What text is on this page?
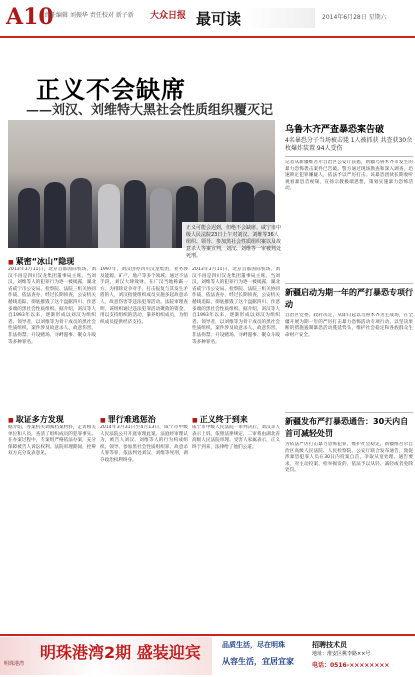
A10
责任编辑 刘振华 责任校对 新子新 大众日报 最可读	2014年6月28日 星期六
正义不会缺席
——刘汉、刘维特大黑社会性质组织覆灭记
正义可能会迟到，但绝不会缺席。咸宁市中级人民法院23日上午对刘汉、刘维等36人组织、领导、参加黑社会性质组织案以及故意杀人等案宣判，刘汉、刘维等一审被判处死刑。
■ 紧密“冰山”隐现
2013年3月11日，北京首都国际机场。刘汉不再是四川汉龙集团董事局主席。当刘汉、刘维等人的犯罪行为逐一被揭露，湖北省咸宁市公安局、检察院、法院三机关协同作战，依法查办，经过长期侦查，公安机关循线追踪，彻底摧毁了这个盘踞四川、作恶多端的黑社会性质组织。据介绍，刘汉等人自1993年以来，逐渐形成以刘汉为组织者、领导者，以刘维等为骨干成员的黑社会性质组织。案件涉及故意杀人、故意伤害、非法拘禁、开设赌场、寻衅滋事、聚众斗殴等多种罪名。
1997年，刘汉创办四川汉龙集团，业务涉及能源、矿产、地产等多个领域。通过不法手段，刘汉大肆敛财，在广汉当地称霸一方。为排除竞争对手，打击报复与其发生矛盾的人，刘汉指使组织成员实施多起故意杀人、故意伤害等违法犯罪活动。法院审理查明，该组织通过违法犯罪活动聚敛的资金，用以支持组织的活动，豢养组织成员，为组织成员提供经济支持。
2013年3月11日，北京首都国际机场。刘汉不再是四川汉龙集团董事局主席。当刘汉、刘维等人的犯罪行为逐一被揭露，湖北省咸宁市公安局、检察院、法院三机关协同作战，依法查办，经过长期侦查，公安机关循线追踪，彻底摧毁了这个盘踞四川、作恶多端的黑社会性质组织。据介绍，刘汉等人自1993年以来，逐渐形成以刘汉为组织者、领导者，以刘维等为骨干成员的黑社会性质组织。案件涉及故意杀人、故意伤害、非法拘禁、开设赌场、寻衅滋事、聚众斗殴等多种罪名。
■ 取证多方发现
据介绍，办案机关调阅档案材料，走访相关单位和人员，查清了组织成员的犯罪事实。在办案过程中，专案组严格依法办案，充分保障被告人诉讼权利。法院审理期间，控辩双方充分发表意见。
■ 罪行难逃惩治
2014年3月31日至4月13日，咸宁市中级人民法院公开开庭审理此案。法庭经审理认为，被告人刘汉、刘维等人的行为构成组织、领导、参加黑社会性质组织罪、故意杀人罪等罪，依法判处刘汉、刘维等死刑，剥夺政治权利终身。
■ 正义终于到来
咸宁市中级人民法院一审判决后，刘汉等人表示上诉。依照法律规定，二审将由湖北省高级人民法院审理。受害人家属表示，正义终于到来，法律给了他们公道。
乌鲁木齐严查暴恐案告破
4名暴恐分子当场被击毙 1人被抓获 共查获30余枚爆炸装置 94人受伤
记者从新疆维吾尔自治区公安厅获悉，新疆乌鲁木齐市发生的暴力恐怖袭击案件已告破。警方通过现场勘查和深入调查，迅速锁定犯罪嫌疑人，依法予以严厉打击。该暴恐团伙长期收听观看暴恐音视频，宣扬宗教极端思想，策划实施暴力恐怖活动。
新疆启动为期一年的严打暴恐专项行动
自治区党委、政府决定，从即日起以乌鲁木齐为主战场，在全疆开展为期一年的严厉打击暴力恐怖活动专项行动，以坚决果断的措施遏制暴恐活动蔓延势头，维护社会稳定和各族群众生命财产安全。
新疆发布严打暴恐通告：30天内自首可减轻处罚
为依法严厉打击暴力恐怖犯罪，维护社会稳定，新疆维吾尔自治区高级人民法院、人民检察院、公安厅联合发布通告，敦促涉暴恐犯罪人员在30日内投案自首，争取从宽处理。通告要求，对主动投案、检举揭发的，依法予以从轻、减轻或者免除处罚。
明珠港湾2期 盛装迎宾
明珠港湾
品质生活，尽在明珠
从容生活，宜居宜家
招聘技术员
地址：淮安区桃李路××号
电话：0516-××××××××
